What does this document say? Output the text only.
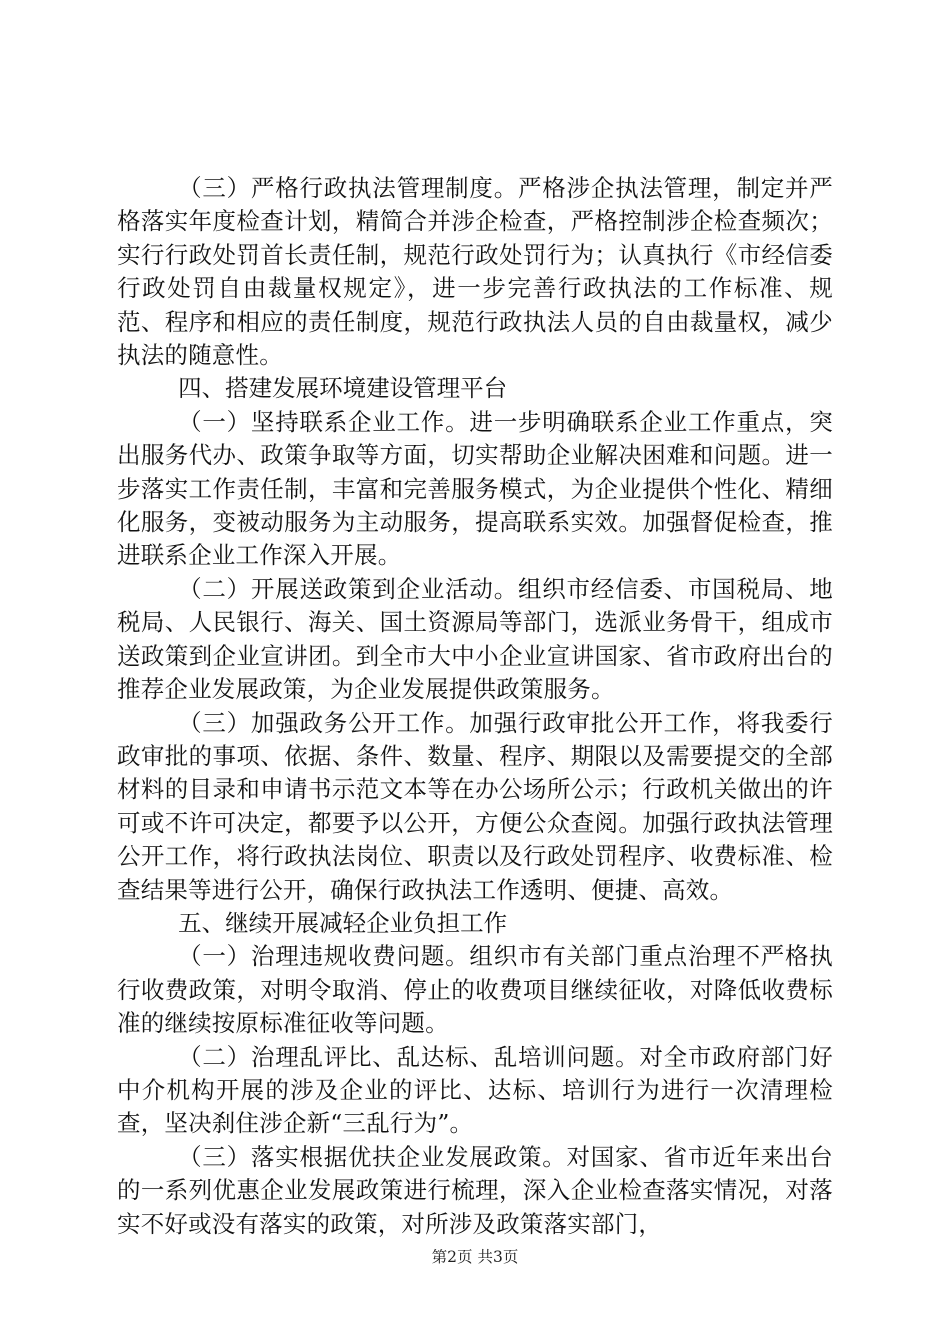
（三）严格行政执法管理制度。严格涉企执法管理，制定并严格落实年度检查计划，精简合并涉企检查，严格控制涉企检查频次；实行行政处罚首长责任制，规范行政处罚行为；认真执行《市经信委行政处罚自由裁量权规定》，进一步完善行政执法的工作标准、规范、程序和相应的责任制度，规范行政执法人员的自由裁量权，减少执法的随意性。

四、搭建发展环境建设管理平台

（一）坚持联系企业工作。进一步明确联系企业工作重点，突出服务代办、政策争取等方面，切实帮助企业解决困难和问题。进一步落实工作责任制，丰富和完善服务模式，为企业提供个性化、精细化服务，变被动服务为主动服务，提高联系实效。加强督促检查，推进联系企业工作深入开展。

（二）开展送政策到企业活动。组织市经信委、市国税局、地税局、人民银行、海关、国土资源局等部门，选派业务骨干，组成市送政策到企业宣讲团。到全市大中小企业宣讲国家、省市政府出台的推荐企业发展政策，为企业发展提供政策服务。

（三）加强政务公开工作。加强行政审批公开工作，将我委行政审批的事项、依据、条件、数量、程序、期限以及需要提交的全部材料的目录和申请书示范文本等在办公场所公示；行政机关做出的许可或不许可决定，都要予以公开，方便公众查阅。加强行政执法管理公开工作，将行政执法岗位、职责以及行政处罚程序、收费标准、检查结果等进行公开，确保行政执法工作透明、便捷、高效。

五、继续开展减轻企业负担工作

（一）治理违规收费问题。组织市有关部门重点治理不严格执行收费政策，对明令取消、停止的收费项目继续征收，对降低收费标准的继续按原标准征收等问题。

（二）治理乱评比、乱达标、乱培训问题。对全市政府部门好中介机构开展的涉及企业的评比、达标、培训行为进行一次清理检查，坚决刹住涉企新“三乱行为”。

（三）落实根据优扶企业发展政策。对国家、省市近年来出台的一系列优惠企业发展政策进行梳理，深入企业检查落实情况，对落实不好或没有落实的政策，对所涉及政策落实部门，

第2页 共3页
